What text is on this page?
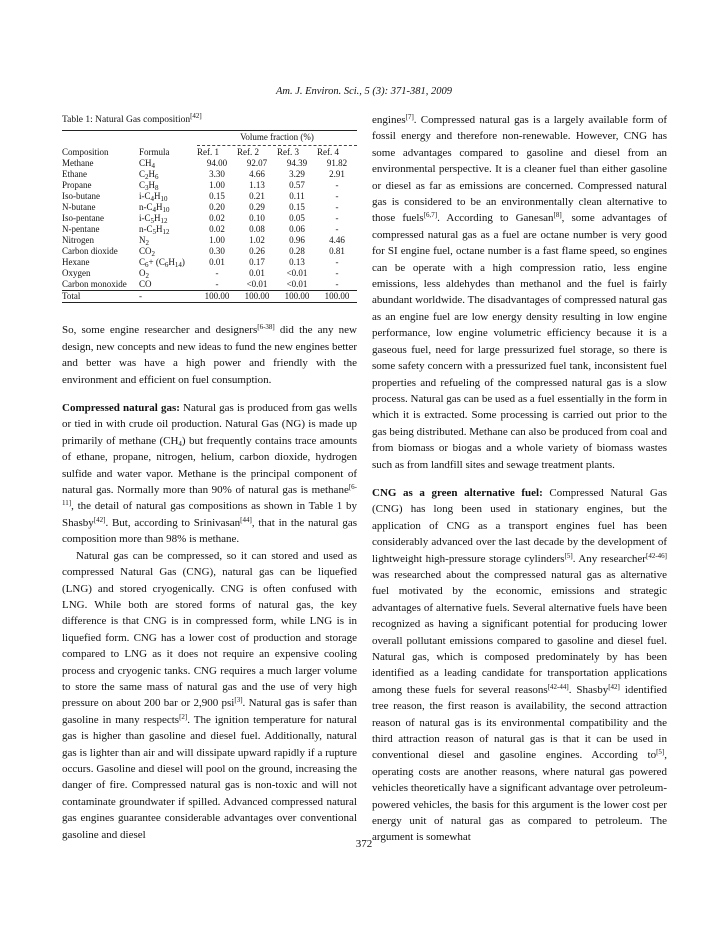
Am. J. Environ. Sci., 5 (3): 371-381, 2009
Table 1: Natural Gas composition[42]
		Volume fraction (%)			

Composition	Formula	Ref. 1	Ref. 2	Ref. 3	Ref. 4
Methane	$CH_4$	94.00	92.07	94.39	91.82
Ethane	$C_2H_6$	3.30	4.66	3.29	2.91
Propane	$C_3H_8$	1.00	1.13	0.57	-
Iso-butane	$i-C_4H_{10}$	0.15	0.21	0.11	-
N-butane	$n-C_4H_{10}$	0.20	0.29	0.15	-
Iso-pentane	$i-C_5H_{12}$	0.02	0.10	0.05	-
N-pentane	$n-C_5H_{12}$	0.02	0.08	0.06	-
Nitrogen	$N_2$	1.00	1.02	0.96	4.46
Carbon dioxide	$CO_2$	0.30	0.26	0.28	0.81
Hexane	$C_6+ (C_6H_{14})$	0.01	0.17	0.13	-
Oxygen	$O_2$	-	0.01	<0.01	-
Carbon monoxide	CO	-	<0.01	<0.01	-
Total	-	100.00	100.00	100.00	100.00

So, some engine researcher and designers[6-38] did the any new design, new concepts and new ideas to fund the new engines better and better was have a high power and friendly with the environment and efficient on fuel consumption.

Compressed natural gas: Natural gas is produced from gas wells or tied in with crude oil production. Natural Gas (NG) is made up primarily of methane $(CH_4)$ but frequently contains trace amounts of ethane, propane, nitrogen, helium, carbon dioxide, hydrogen sulfide and water vapor. Methane is the principal component of natural gas. Normally more than 90% of natural gas is methane[6-11], the detail of natural gas compositions as shown in Table 1 by Shasby[42]. But, according to Srinivasan[44], that in the natural gas composition more than 98% is methane.

Natural gas can be compressed, so it can stored and used as compressed Natural Gas (CNG), natural gas can be liquefied (LNG) and stored cryogenically. CNG is often confused with LNG. While both are stored forms of natural gas, the key difference is that CNG is in compressed form, while LNG is in liquefied form. CNG has a lower cost of production and storage compared to LNG as it does not require an expensive cooling process and cryogenic tanks. CNG requires a much larger volume to store the same mass of natural gas and the use of very high pressure on about 200 bar or 2,900 psi[3]. Natural gas is safer than gasoline in many respects[2]. The ignition temperature for natural gas is higher than gasoline and diesel fuel. Additionally, natural gas is lighter than air and will dissipate upward rapidly if a rupture occurs. Gasoline and diesel will pool on the ground, increasing the danger of fire. Compressed natural gas is non-toxic and will not contaminate groundwater if spilled. Advanced compressed natural gas engines guarantee considerable advantages over conventional gasoline and diesel

engines[7]. Compressed natural gas is a largely available form of fossil energy and therefore non-renewable. However, CNG has some advantages compared to gasoline and diesel from an environmental perspective. It is a cleaner fuel than either gasoline or diesel as far as emissions are concerned. Compressed natural gas is considered to be an environmentally clean alternative to those fuels[6,7]. According to Ganesan[8], some advantages of compressed natural gas as a fuel are octane number is very good for SI engine fuel, octane number is a fast flame speed, so engines can be operate with a high compression ratio, less engine emissions, less aldehydes than methanol and the fuel is fairly abundant worldwide. The disadvantages of compressed natural gas as an engine fuel are low energy density resulting in low engine performance, low engine volumetric efficiency because it is a gaseous fuel, need for large pressurized fuel storage, so there is some safety concern with a pressurized fuel tank, inconsistent fuel properties and refueling of the compressed natural gas is a slow process. Natural gas can be used as a fuel essentially in the form in which it is extracted. Some processing is carried out prior to the gas being distributed. Methane can also be produced from coal and from biomass or biogas and a whole variety of biomass wastes such as from landfill sites and sewage treatment plants.

CNG as a green alternative fuel: Compressed Natural Gas (CNG) has long been used in stationary engines, but the application of CNG as a transport engines fuel has been considerably advanced over the last decade by the development of lightweight high-pressure storage cylinders[5]. Any researcher[42-46] was researched about the compressed natural gas as alternative fuel motivated by the economic, emissions and strategic advantages of alternative fuels. Several alternative fuels have been recognized as having a significant potential for producing lower overall pollutant emissions compared to gasoline and diesel fuel. Natural gas, which is composed predominately by has been identified as a leading candidate for transportation applications among these fuels for several reasons[42-44]. Shasby[42] identified tree reason, the first reason is availability, the second attraction reason of natural gas is its environmental compatibility and the third attraction reason of natural gas is that it can be used in conventional diesel and gasoline engines. According to[5], operating costs are another reasons, where natural gas powered vehicles theoretically have a significant advantage over petroleum-powered vehicles, the basis for this argument is the lower cost per energy unit of natural gas as compared to petroleum. The argument is somewhat

372
